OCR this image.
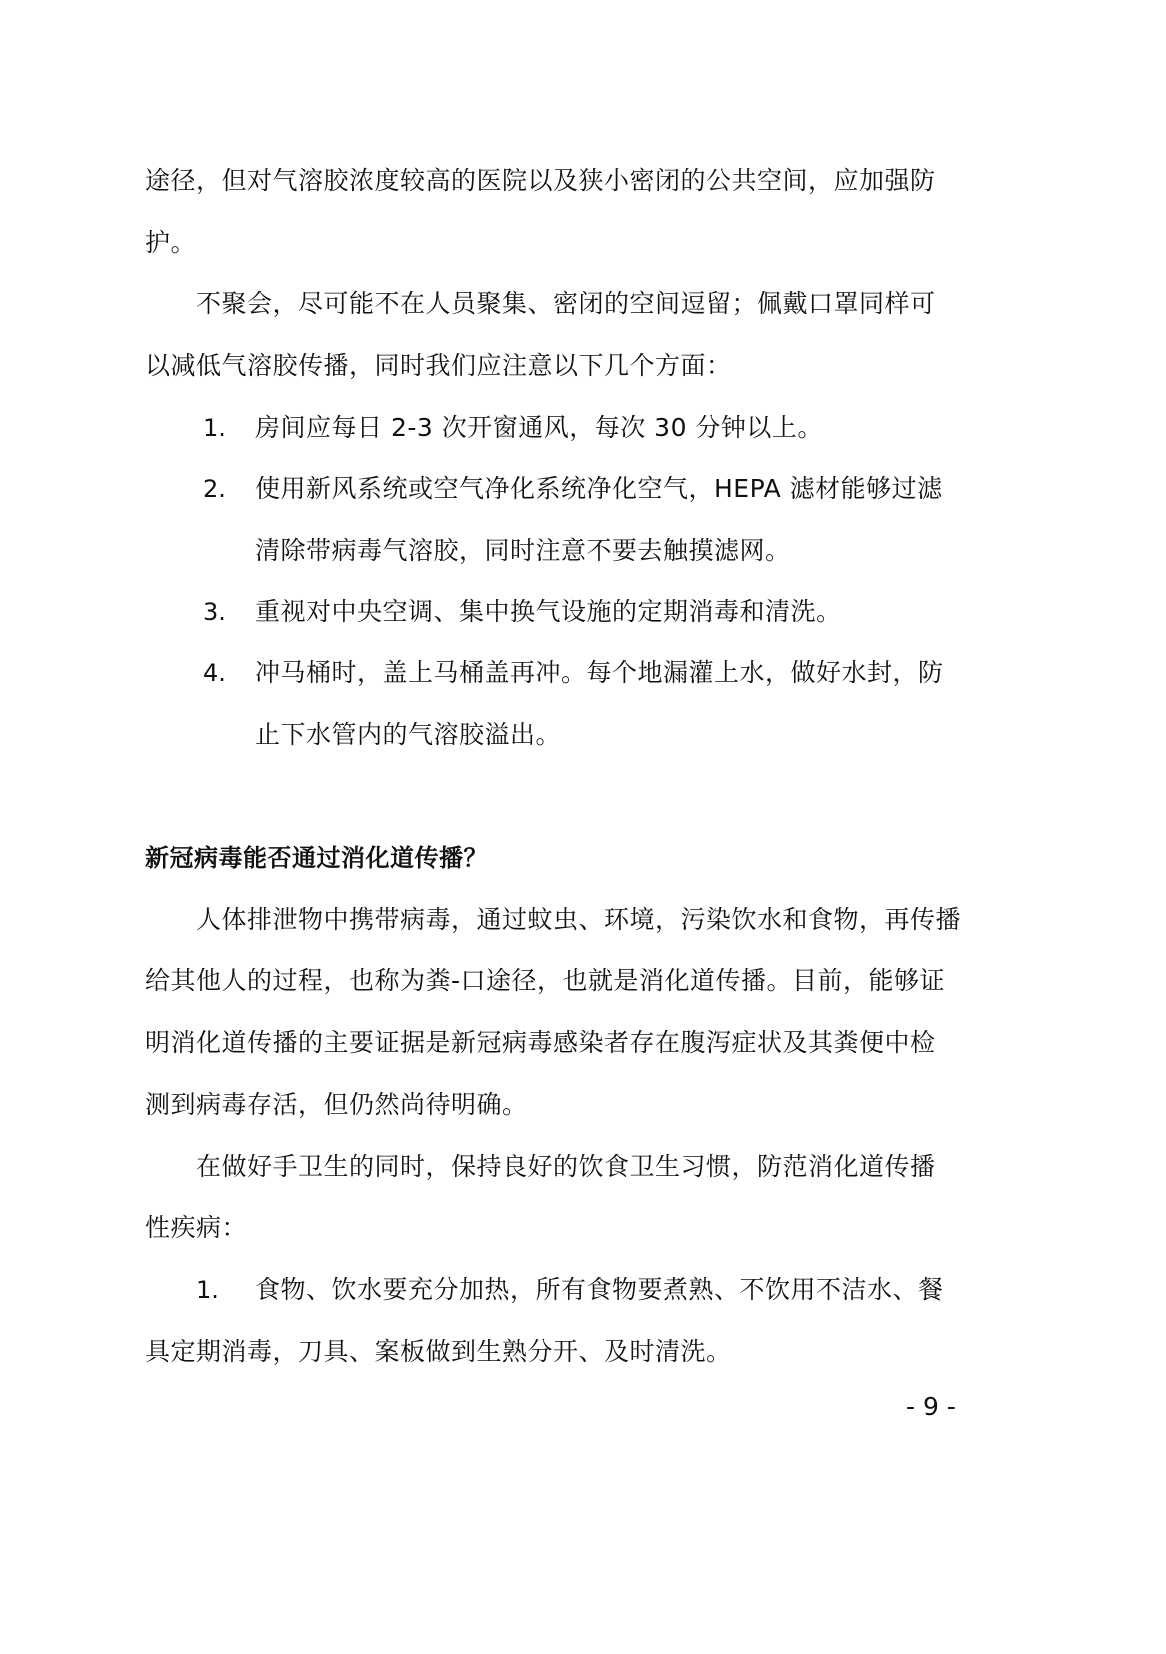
途径，但对气溶胶浓度较高的医院以及狭小密闭的公共空间，应加强防
护。
不聚会，尽可能不在人员聚集、密闭的空间逗留；佩戴口罩同样可
以减低气溶胶传播，同时我们应注意以下几个方面：
1. 房间应每日 2-3 次开窗通风，每次 30 分钟以上。
2. 使用新风系统或空气净化系统净化空气，HEPA 滤材能够过滤
清除带病毒气溶胶，同时注意不要去触摸滤网。
3. 重视对中央空调、集中换气设施的定期消毒和清洗。
4. 冲马桶时，盖上马桶盖再冲。每个地漏灌上水，做好水封，防
止下水管内的气溶胶溢出。
新冠病毒能否通过消化道传播？
人体排泄物中携带病毒，通过蚊虫、环境，污染饮水和食物，再传播
给其他人的过程，也称为粪-口途径，也就是消化道传播。目前，能够证
明消化道传播的主要证据是新冠病毒感染者存在腹泻症状及其粪便中检
测到病毒存活，但仍然尚待明确。
在做好手卫生的同时，保持良好的饮食卫生习惯，防范消化道传播
性疾病：
1. 食物、饮水要充分加热，所有食物要煮熟、不饮用不洁水、餐
具定期消毒，刀具、案板做到生熟分开、及时清洗。
- 9 -
